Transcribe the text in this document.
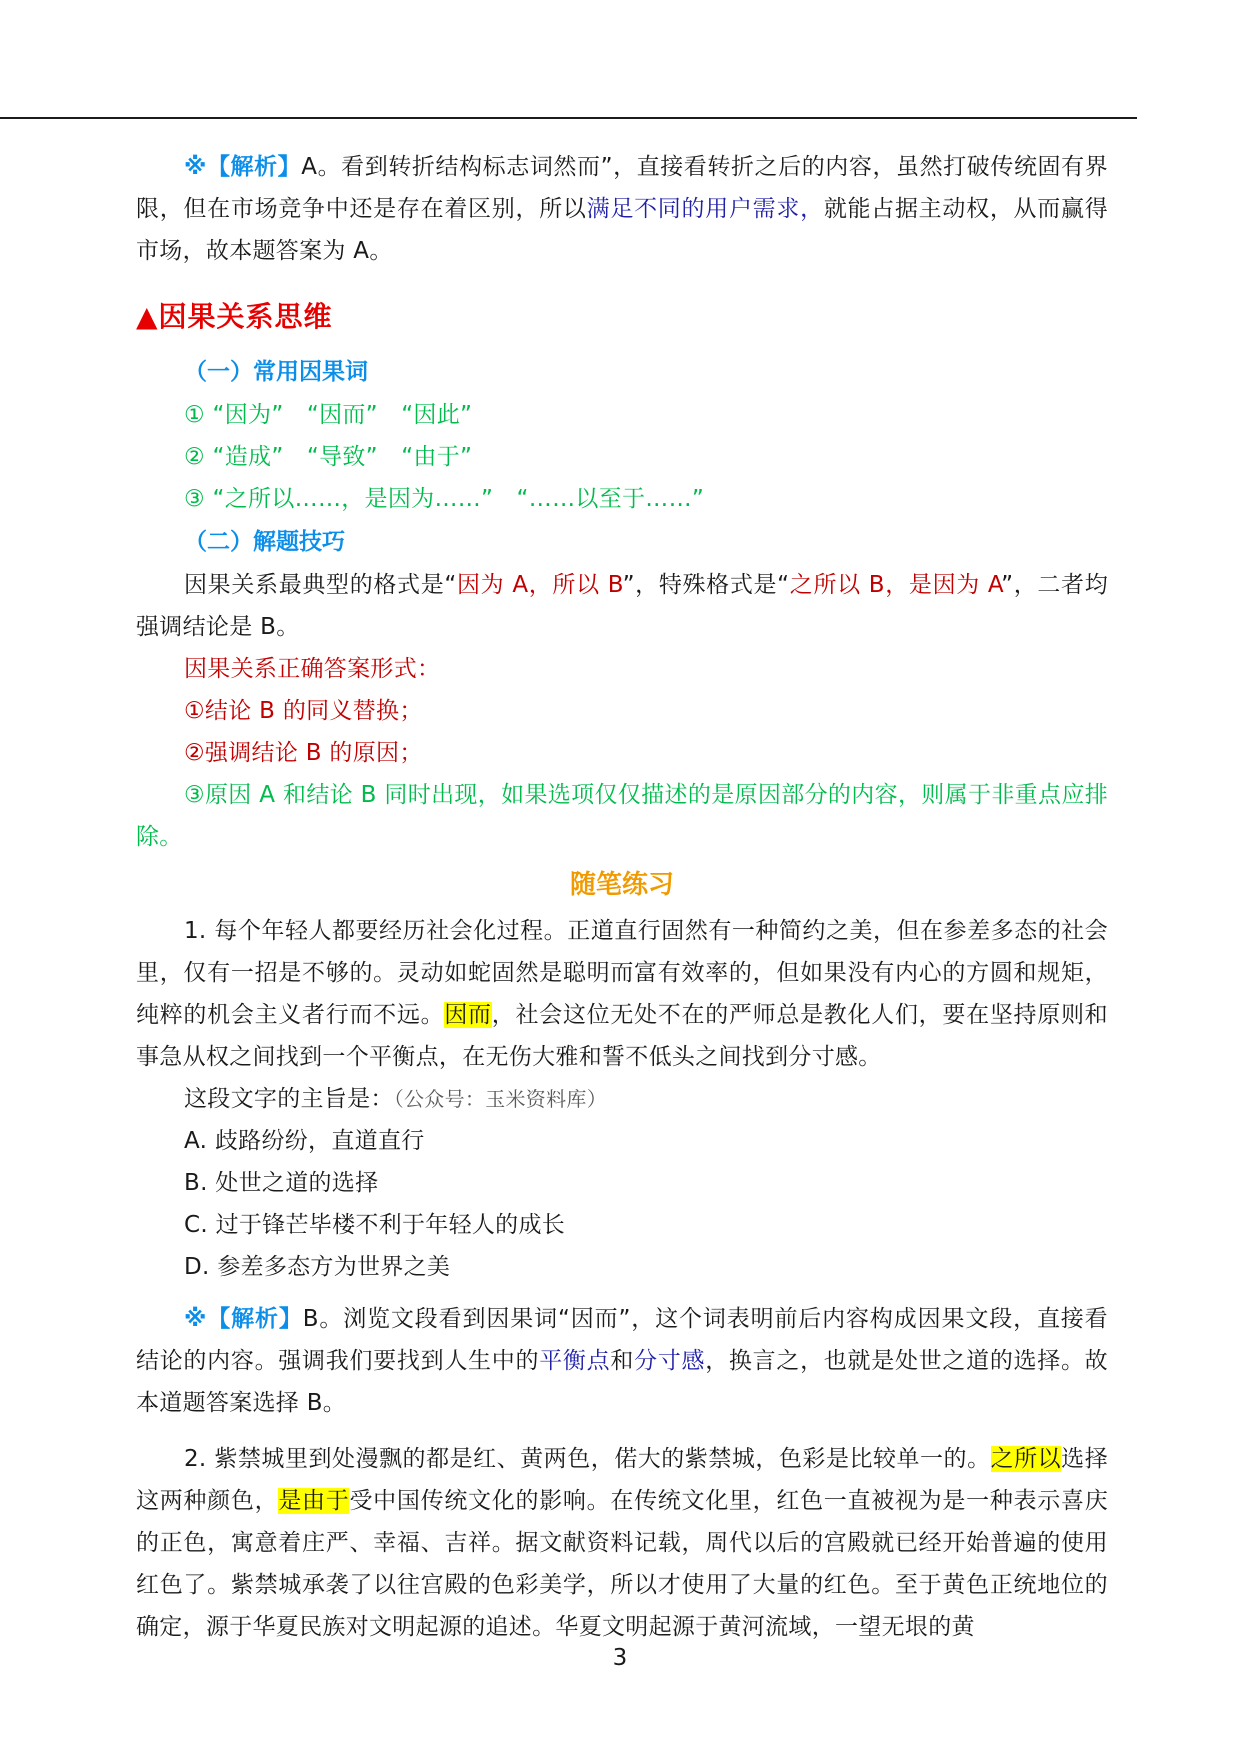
※【解析】A。看到转折结构标志词然而”，直接看转折之后的内容，虽然打破传统固有界限，但在市场竞争中还是存在着区别，所以满足不同的用户需求，就能占据主动权，从而赢得市场，故本题答案为 A。

▲因果关系思维
（一）常用因果词
① “因为”　“因而”　“因此”
② “造成”　“导致”　“由于”
③ “之所以……，是因为……”　“……以至于……”
（二）解题技巧

因果关系最典型的格式是“因为 A，所以 B”，特殊格式是“之所以 B，是因为 A”，二者均强调结论是 B。

因果关系正确答案形式：
①结论 B 的同义替换；
②强调结论 B 的原因；

③原因 A 和结论 B 同时出现，如果选项仅仅描述的是原因部分的内容，则属于非重点应排除。

随笔练习

1. 每个年轻人都要经历社会化过程。正道直行固然有一种简约之美，但在参差多态的社会里，仅有一招是不够的。灵动如蛇固然是聪明而富有效率的，但如果没有内心的方圆和规矩，纯粹的机会主义者行而不远。因而，社会这位无处不在的严师总是教化人们，要在坚持原则和事急从权之间找到一个平衡点，在无伤大雅和誓不低头之间找到分寸感。

这段文字的主旨是：（公众号：玉米资料库）

A. 歧路纷纷，直道直行
B. 处世之道的选择
C. 过于锋芒毕楼不利于年轻人的成长
D. 参差多态方为世界之美

※【解析】B。浏览文段看到因果词“因而”，这个词表明前后内容构成因果文段，直接看结论的内容。强调我们要找到人生中的平衡点和分寸感，换言之，也就是处世之道的选择。故本道题答案选择 B。

2. 紫禁城里到处漫飘的都是红、黄两色，偌大的紫禁城，色彩是比较单一的。之所以选择这两种颜色，是由于受中国传统文化的影响。在传统文化里，红色一直被视为是一种表示喜庆的正色，寓意着庄严、幸福、吉祥。据文献资料记载，周代以后的宫殿就已经开始普遍的使用红色了。紫禁城承袭了以往宫殿的色彩美学，所以才使用了大量的红色。至于黄色正统地位的确定，源于华夏民族对文明起源的追述。华夏文明起源于黄河流域，一望无垠的黄

3
